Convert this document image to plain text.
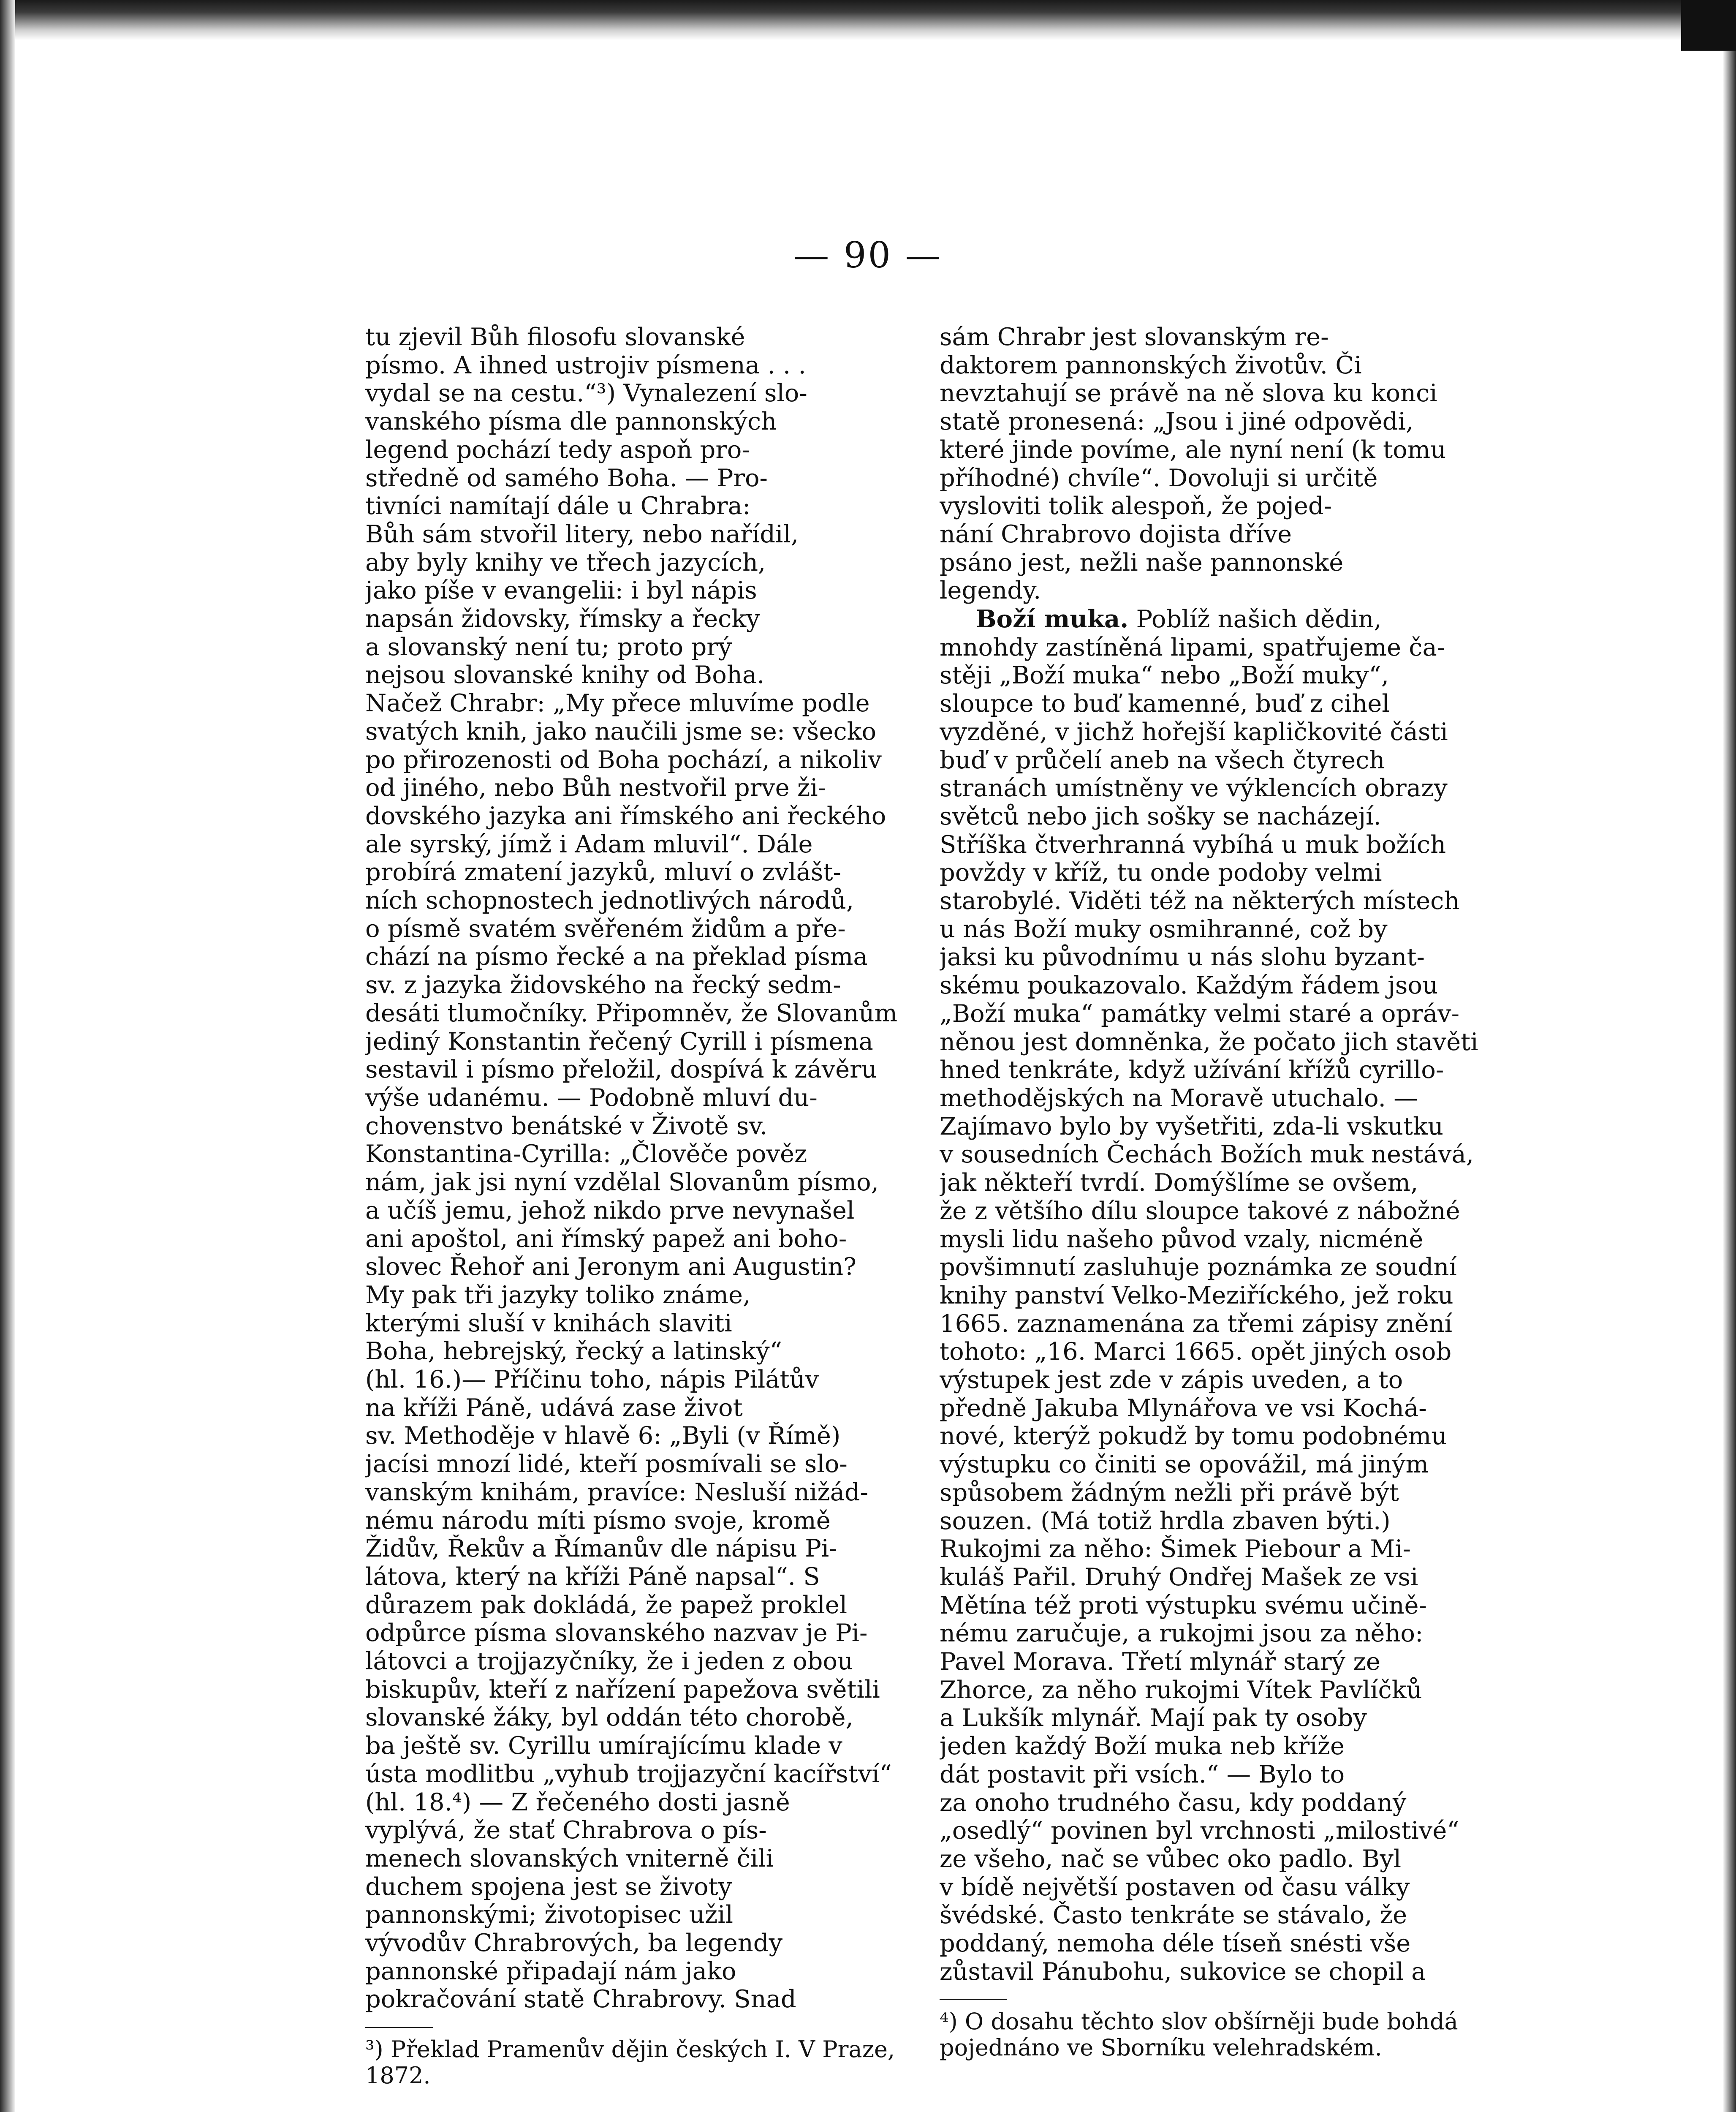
— 90 —
tu zjevil Bůh filosofu slovanské
písmo. A ihned ustrojiv písmena . . .
vydal se na cestu.“³) Vynalezení slo-
vanského písma dle pannonských
legend pochází tedy aspoň pro-
středně od samého Boha. — Pro-
tivníci namítají dále u Chrabra:
Bůh sám stvořil litery, nebo nařídil,
aby byly knihy ve třech jazycích,
jako píše v evangelii: i byl nápis
napsán židovsky, římsky a řecky
a slovanský není tu; proto prý
nejsou slovanské knihy od Boha.
Načež Chrabr: „My přece mluvíme podle
svatých knih, jako naučili jsme se: všecko
po přirozenosti od Boha pochází, a nikoliv
od jiného, nebo Bůh nestvořil prve ži-
dovského jazyka ani římského ani řeckého
ale syrský, jímž i Adam mluvil“. Dále
probírá zmatení jazyků, mluví o zvlášt-
ních schopnostech jednotlivých národů,
o písmě svatém svěřeném židům a pře-
chází na písmo řecké a na překlad písma
sv. z jazyka židovského na řecký sedm-
desáti tlumočníky. Připomněv, že Slovanům
jediný Konstantin řečený Cyrill i písmena
sestavil i písmo přeložil, dospívá k závěru
výše udanému. — Podobně mluví du-
chovenstvo benátské v Životě sv.
Konstantina-Cyrilla: „Člověče pověz
nám, jak jsi nyní vzdělal Slovanům písmo,
a učíš jemu, jehož nikdo prve nevynašel
ani apoštol, ani římský papež ani boho-
slovec Řehoř ani Jeronym ani Augustin?
My pak tři jazyky toliko známe,
kterými sluší v knihách slaviti
Boha, hebrejský, řecký a latinský“
(hl. 16.)— Příčinu toho, nápis Pilátův
na kříži Páně, udává zase život
sv. Methoděje v hlavě 6: „Byli (v Římě)
jacísi mnozí lidé, kteří posmívali se slo-
vanským knihám, pravíce: Nesluší nižád-
nému národu míti písmo svoje, kromě
Židův, Řekův a Římanův dle nápisu Pi-
látova, který na kříži Páně napsal“. S
důrazem pak dokládá, že papež proklel
odpůrce písma slovanského nazvav je Pi-
látovci a trojjazyčníky, že i jeden z obou
biskupův, kteří z nařízení papežova světili
slovanské žáky, byl oddán této chorobě,
ba ještě sv. Cyrillu umírajícímu klade v
ústa modlitbu „vyhub trojjazyční kacířství“
(hl. 18.⁴) — Z řečeného dosti jasně
vyplývá, že stať Chrabrova o pís-
menech slovanských vniterně čili
duchem spojena jest se životy
pannonskými; životopisec užil
vývodův Chrabrových, ba legendy
pannonské připadají nám jako
pokračování statě Chrabrovy. Snad

³) Překlad Pramenův dějin českých I. V Praze, 1872.

sám Chrabr jest slovanským re-
daktorem pannonských životův. Či
nevztahují se právě na ně slova ku konci
statě pronesená: „Jsou i jiné odpovědi,
které jinde povíme, ale nyní není (k tomu
příhodné) chvíle“. Dovoluji si určitě
vysloviti tolik alespoň, že pojed-
nání Chrabrovo dojista dříve
psáno jest, nežli naše pannonské
legendy.
Boží muka. Poblíž našich dědin,
mnohdy zastíněná lipami, spatřujeme ča-
stěji „Boží muka“ nebo „Boží muky“,
sloupce to buď kamenné, buď z cihel
vyzděné, v jichž hořejší kapličkovité části
buď v průčelí aneb na všech čtyrech
stranách umístněny ve výklencích obrazy
světců nebo jich sošky se nacházejí.
Stříška čtverhranná vybíhá u muk božích
povždy v kříž, tu onde podoby velmi
starobylé. Viděti též na některých místech
u nás Boží muky osmihranné, což by
jaksi ku původnímu u nás slohu byzant-
skému poukazovalo. Každým řádem jsou
„Boží muka“ památky velmi staré a opráv-
něnou jest domněnka, že počato jich stavěti
hned tenkráte, když užívání křížů cyrillo-
methodějských na Moravě utuchalo. —
Zajímavo bylo by vyšetřiti, zda-li vskutku
v sousedních Čechách Božích muk nestává,
jak někteří tvrdí. Domýšlíme se ovšem,
že z většího dílu sloupce takové z nábožné
mysli lidu našeho původ vzaly, nicméně
povšimnutí zasluhuje poznámka ze soudní
knihy panství Velko-Meziříckého, jež roku
1665. zaznamenána za třemi zápisy znění
tohoto: „16. Marci 1665. opět jiných osob
výstupek jest zde v zápis uveden, a to
předně Jakuba Mlynářova ve vsi Kochá-
nové, kterýž pokudž by tomu podobnému
výstupku co činiti se opovážil, má jiným
spůsobem žádným nežli při právě být
souzen. (Má totiž hrdla zbaven býti.)
Rukojmi za něho: Šimek Piebour a Mi-
kuláš Pařil. Druhý Ondřej Mašek ze vsi
Mětína též proti výstupku svému učině-
nému zaručuje, a rukojmi jsou za něho:
Pavel Morava. Třetí mlynář starý ze
Zhorce, za něho rukojmi Vítek Pavlíčků
a Lukšík mlynář. Mají pak ty osoby
jeden každý Boží muka neb kříže
dát postavit při vsích.“ — Bylo to
za onoho trudného času, kdy poddaný
„osedlý“ povinen byl vrchnosti „milostivé“
ze všeho, nač se vůbec oko padlo. Byl
v bídě největší postaven od času války
švédské. Často tenkráte se stávalo, že
poddaný, nemoha déle tíseň snésti vše
zůstavil Pánubohu, sukovice se chopil a

⁴) O dosahu těchto slov obšírněji bude bohdá pojednáno ve Sborníku velehradském.
